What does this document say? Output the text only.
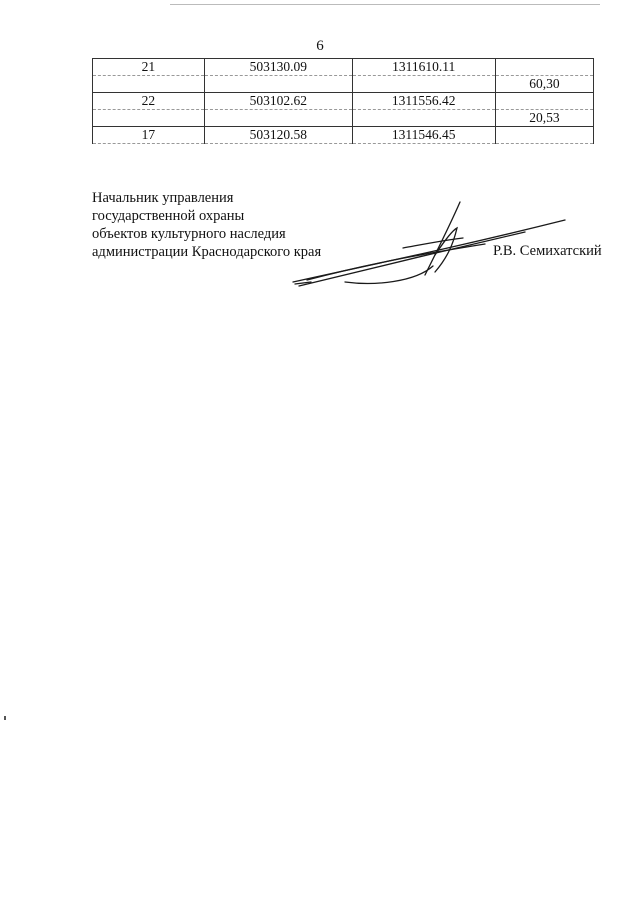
6
21	503130.09	1311610.11	
			60,30
22	503102.62	1311556.42	
			20,53
17	503120.58	1311546.45	
Начальник управления
государственной охраны
объектов культурного наследия
администрации Краснодарского края	Р.В. Семихатский
